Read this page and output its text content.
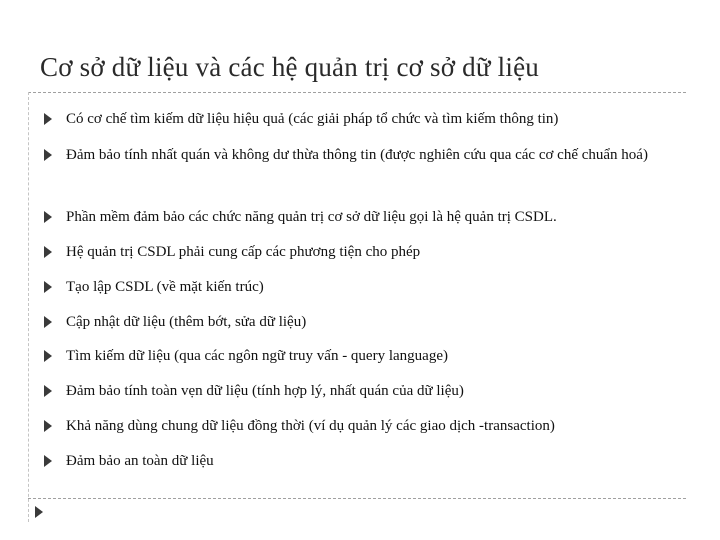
Cơ sở dữ liệu và các hệ quản trị cơ sở dữ liệu
Có cơ chế tìm kiếm dữ liệu hiệu quả (các giải pháp tổ chức và tìm kiếm thông tin)
Đảm bảo tính nhất quán và không dư thừa thông tin (được nghiên cứu qua các cơ chế chuẩn hoá)
Phần mềm đảm bảo các chức năng quản trị cơ sở dữ liệu gọi là hệ quản trị CSDL.
Hệ quản trị CSDL phải cung cấp các phương tiện cho phép
Tạo lập CSDL (về mặt kiến trúc)
Cập nhật dữ liệu (thêm bớt, sửa dữ liệu)
Tìm kiếm dữ liệu (qua các ngôn ngữ truy vấn - query language)
Đảm bảo tính toàn vẹn dữ liệu (tính hợp lý, nhất quán của dữ liệu)
Khả năng dùng chung dữ liệu đồng thời (ví dụ quản lý các giao dịch -transaction)
Đảm bảo an toàn dữ liệu
